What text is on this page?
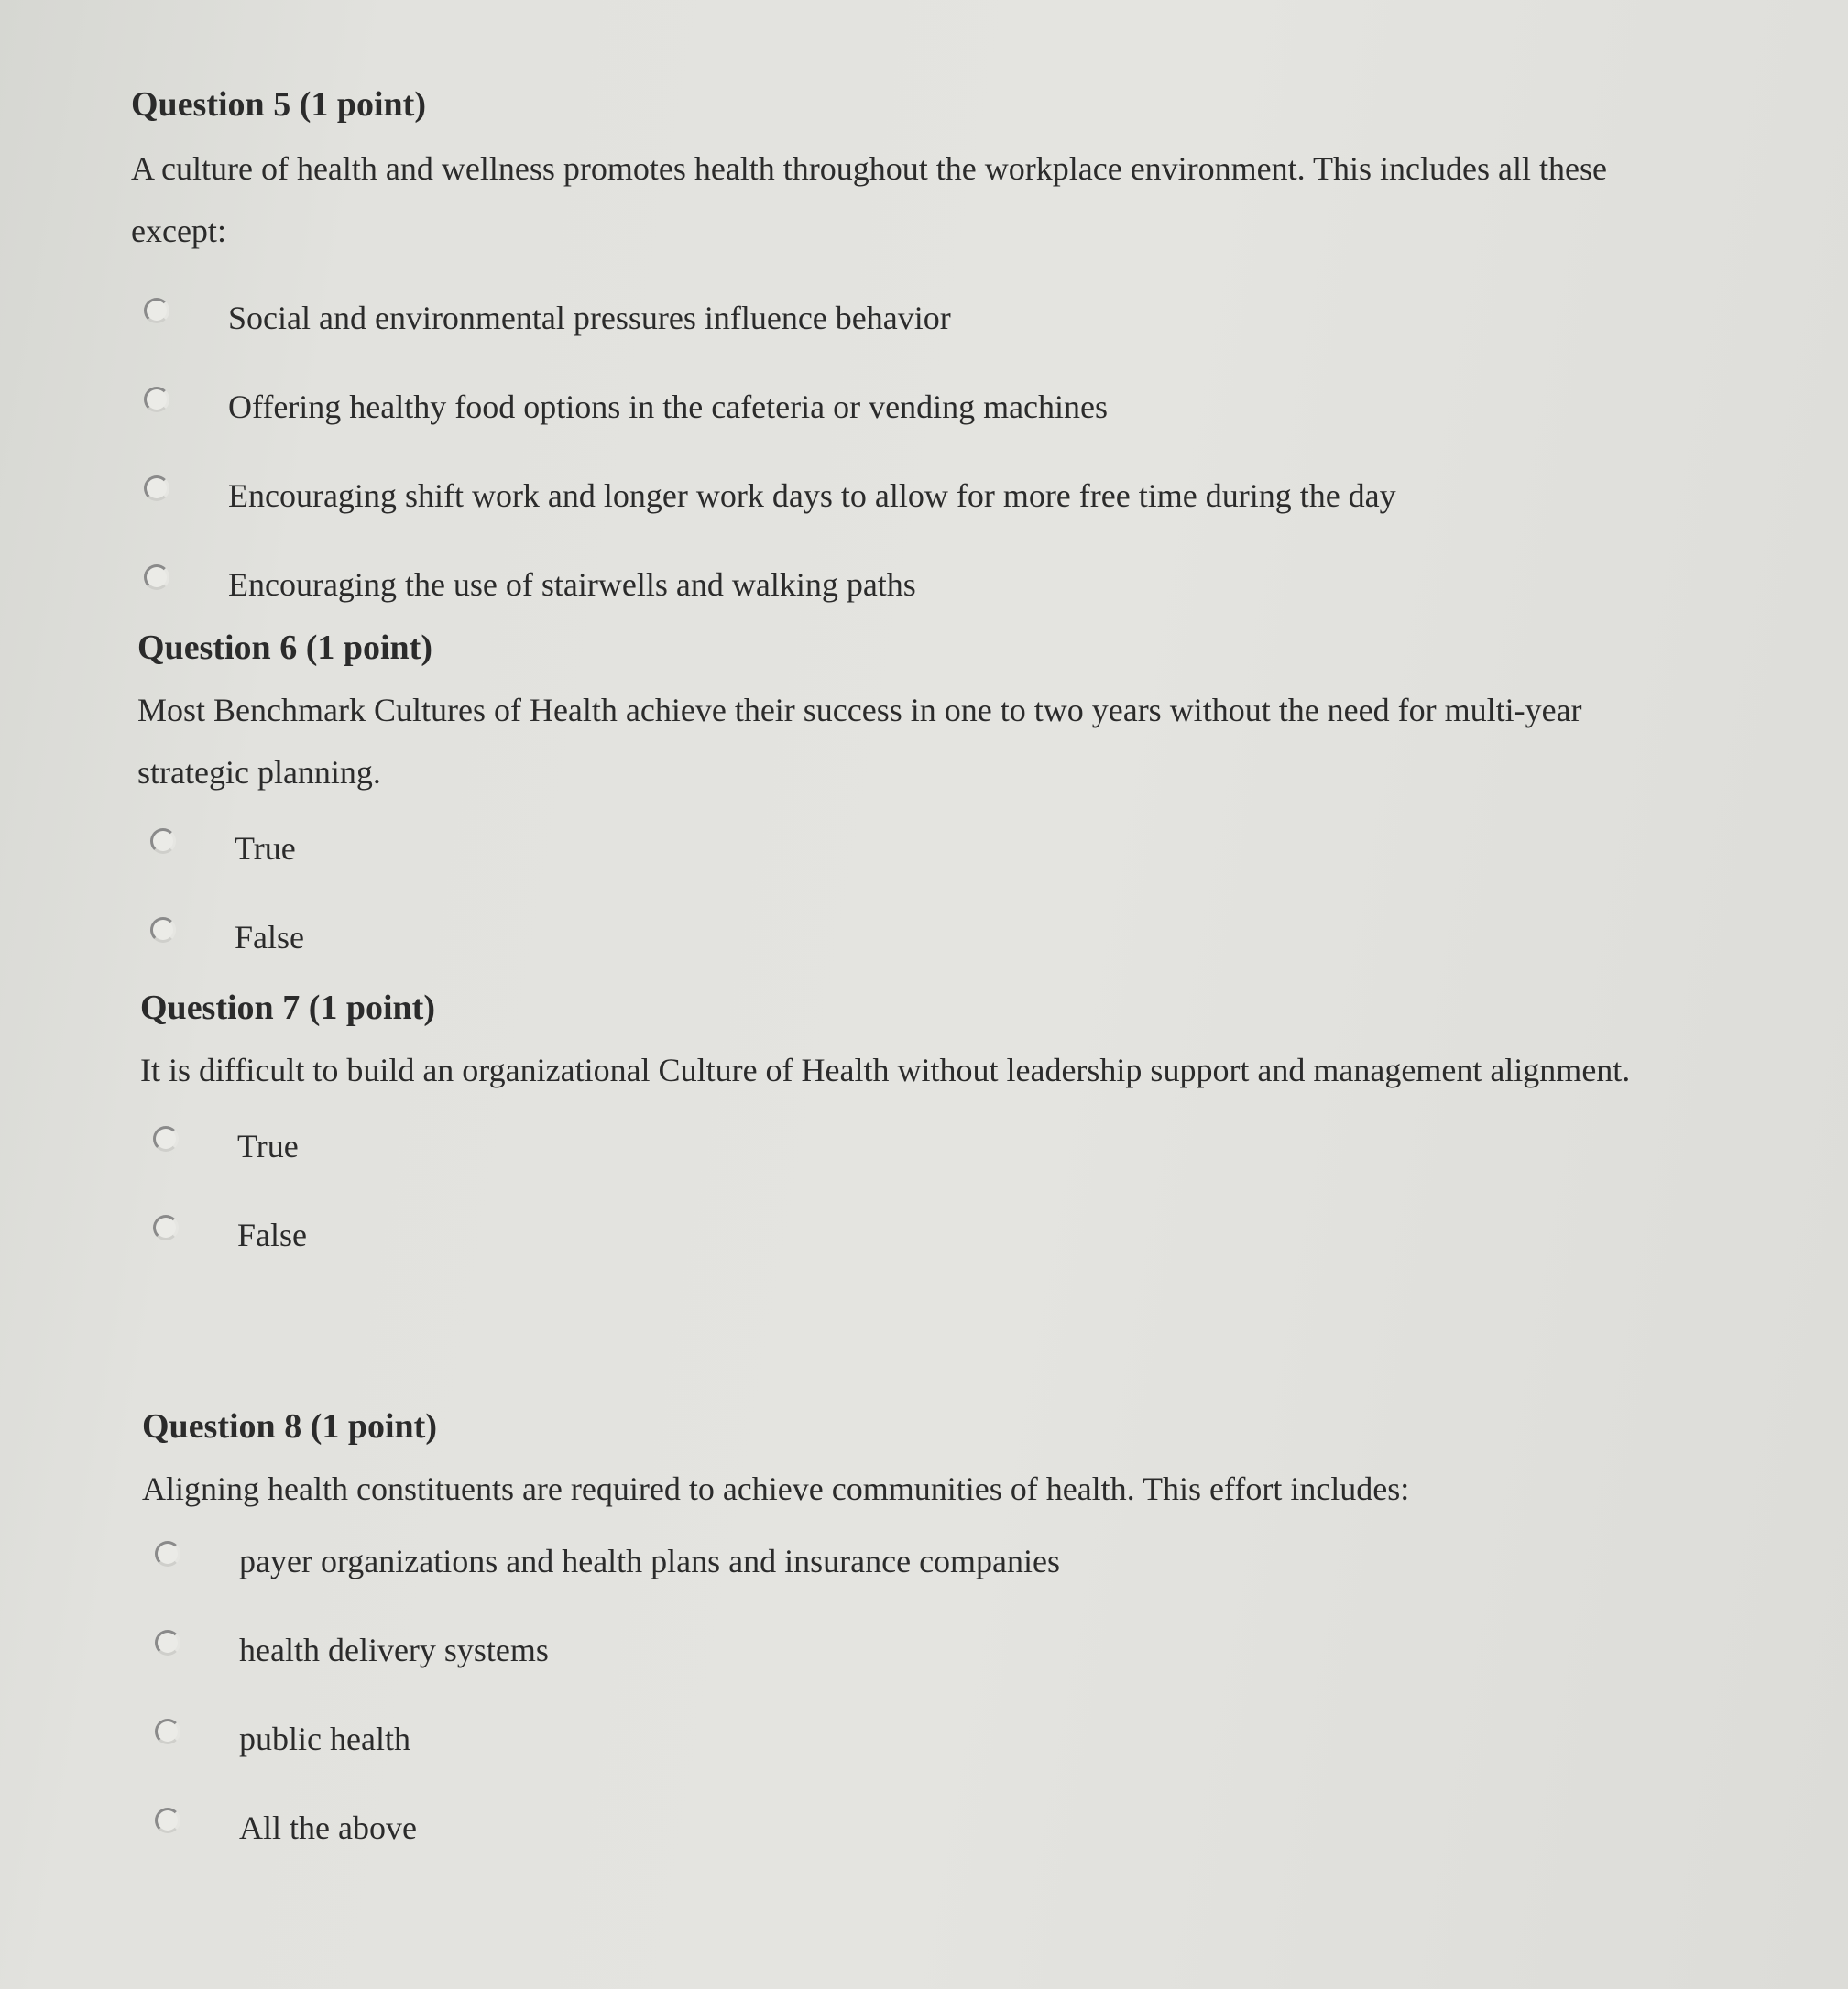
Question 5 (1 point)

A culture of health and wellness promotes health throughout the workplace environment. This includes all these except:

Social and environmental pressures influence behavior
Offering healthy food options in the cafeteria or vending machines
Encouraging shift work and longer work days to allow for more free time during the day
Encouraging the use of stairwells and walking paths
Question 6 (1 point)

Most Benchmark Cultures of Health achieve their success in one to two years without the need for multi-year strategic planning.

True
False
Question 7 (1 point)

It is difficult to build an organizational Culture of Health without leadership support and management alignment.

True
False
Question 8 (1 point)

Aligning health constituents are required to achieve communities of health. This effort includes:

payer organizations and health plans and insurance companies
health delivery systems
public health
All the above
